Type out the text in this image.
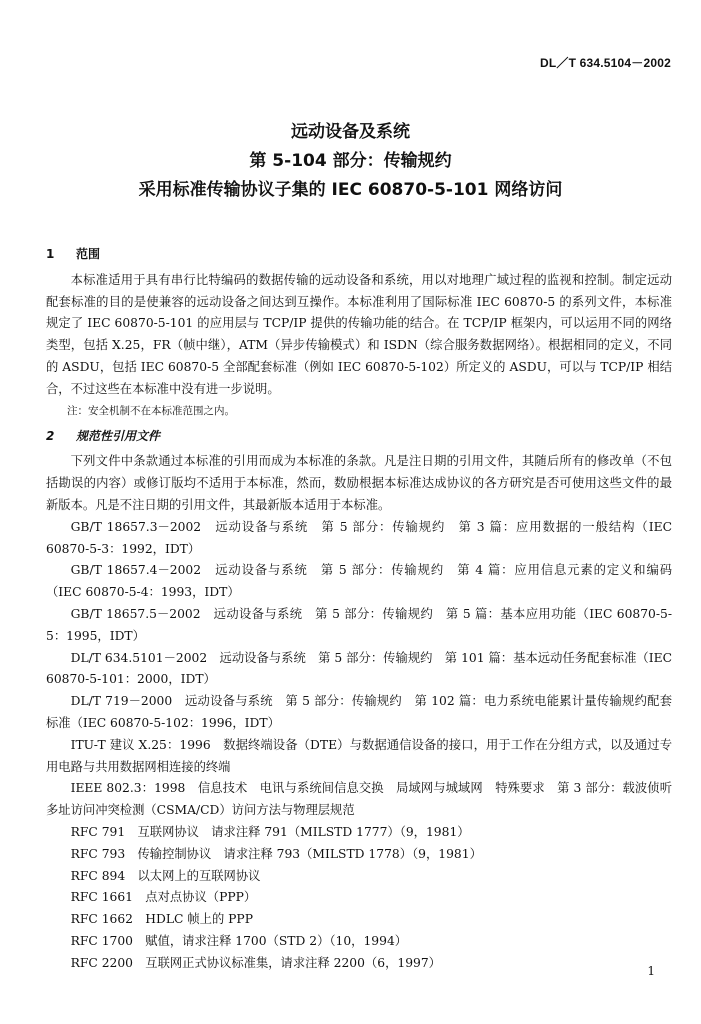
DL／T 634.5104－2002
远动设备及系统
第 5-104 部分：传输规约
采用标准传输协议子集的 IEC 60870-5-101 网络访问
1 范围

本标准适用于具有串行比特编码的数据传输的远动设备和系统，用以对地理广域过程的监视和控制。制定远动配套标准的目的是使兼容的远动设备之间达到互操作。本标准利用了国际标准 IEC 60870-5 的系列文件，本标准规定了 IEC 60870-5-101 的应用层与 TCP/IP 提供的传输功能的结合。在 TCP/IP 框架内，可以运用不同的网络类型，包括 X.25，FR（帧中继），ATM（异步传输模式）和 ISDN（综合服务数据网络）。根据相同的定义，不同的 ASDU，包括 IEC 60870-5 全部配套标准（例如 IEC 60870-5-102）所定义的 ASDU，可以与 TCP/IP 相结合，不过这些在本标准中没有进一步说明。

注：安全机制不在本标准范围之内。

2 规范性引用文件

下列文件中条款通过本标准的引用而成为本标准的条款。凡是注日期的引用文件，其随后所有的修改单（不包括勘误的内容）或修订版均不适用于本标准，然而，数励根据本标准达成协议的各方研究是否可使用这些文件的最新版本。凡是不注日期的引用文件，其最新版本适用于本标准。

GB/T 18657.3－2002　远动设备与系统　第 5 部分：传输规约　第 3 篇：应用数据的一般结构（IEC 60870-5-3：1992，IDT）

GB/T 18657.4－2002　远动设备与系统　第 5 部分：传输规约　第 4 篇：应用信息元素的定义和编码（IEC 60870-5-4：1993，IDT）

GB/T 18657.5－2002　远动设备与系统　第 5 部分：传输规约　第 5 篇：基本应用功能（IEC 60870-5-5：1995，IDT）

DL/T 634.5101－2002　远动设备与系统　第 5 部分：传输规约　第 101 篇：基本远动任务配套标准（IEC 60870-5-101：2000，IDT）

DL/T 719－2000　远动设备与系统　第 5 部分：传输规约　第 102 篇：电力系统电能累计量传输规约配套标准（IEC 60870-5-102：1996，IDT）

ITU-T 建议 X.25：1996　数据终端设备（DTE）与数据通信设备的接口，用于工作在分组方式，以及通过专用电路与共用数据网相连接的终端

IEEE 802.3：1998　信息技术　电讯与系统间信息交换　局域网与城域网　特殊要求　第 3 部分：载波侦听多址访问冲突检测（CSMA/CD）访问方法与物理层规范

RFC 791　互联网协议　请求注释 791（MILSTD 1777）（9，1981）

RFC 793　传输控制协议　请求注释 793（MILSTD 1778）（9，1981）

RFC 894　以太网上的互联网协议

RFC 1661　点对点协议（PPP）

RFC 1662　HDLC 帧上的 PPP

RFC 1700　赋值，请求注释 1700（STD 2）（10，1994）

RFC 2200　互联网正式协议标准集，请求注释 2200（6，1997）

1
